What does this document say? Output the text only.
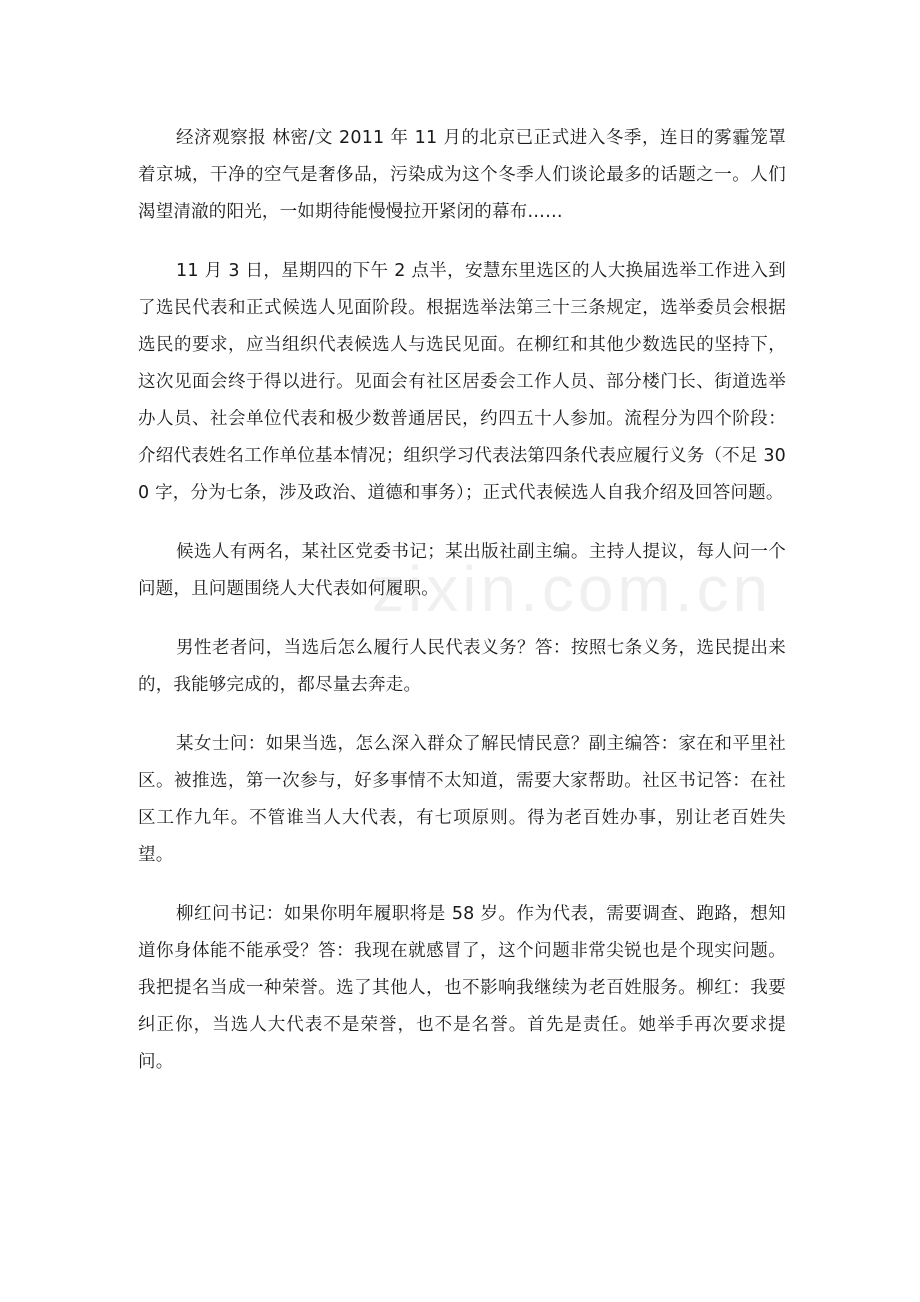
zixin.com.cn

经济观察报 林密/文 2011 年 11 月的北京已正式进入冬季，连日的雾霾笼罩着京城，干净的空气是奢侈品，污染成为这个冬季人们谈论最多的话题之一。人们渴望清澈的阳光，一如期待能慢慢拉开紧闭的幕布……

11 月 3 日，星期四的下午 2 点半，安慧东里选区的人大换届选举工作进入到了选民代表和正式候选人见面阶段。根据选举法第三十三条规定，选举委员会根据选民的要求，应当组织代表候选人与选民见面。在柳红和其他少数选民的坚持下，这次见面会终于得以进行。见面会有社区居委会工作人员、部分楼门长、街道选举办人员、社会单位代表和极少数普通居民，约四五十人参加。流程分为四个阶段：介绍代表姓名工作单位基本情况；组织学习代表法第四条代表应履行义务（不足 300 字，分为七条，涉及政治、道德和事务）；正式代表候选人自我介绍及回答问题。

候选人有两名，某社区党委书记；某出版社副主编。主持人提议，每人问一个问题，且问题围绕人大代表如何履职。

男性老者问，当选后怎么履行人民代表义务？答：按照七条义务，选民提出来的，我能够完成的，都尽量去奔走。

某女士问：如果当选，怎么深入群众了解民情民意？副主编答：家在和平里社区。被推选，第一次参与，好多事情不太知道，需要大家帮助。社区书记答：在社区工作九年。不管谁当人大代表，有七项原则。得为老百姓办事，别让老百姓失望。

柳红问书记：如果你明年履职将是 58 岁。作为代表，需要调查、跑路，想知道你身体能不能承受？答：我现在就感冒了，这个问题非常尖锐也是个现实问题。我把提名当成一种荣誉。选了其他人，也不影响我继续为老百姓服务。柳红：我要纠正你，当选人大代表不是荣誉，也不是名誉。首先是责任。她举手再次要求提问。
